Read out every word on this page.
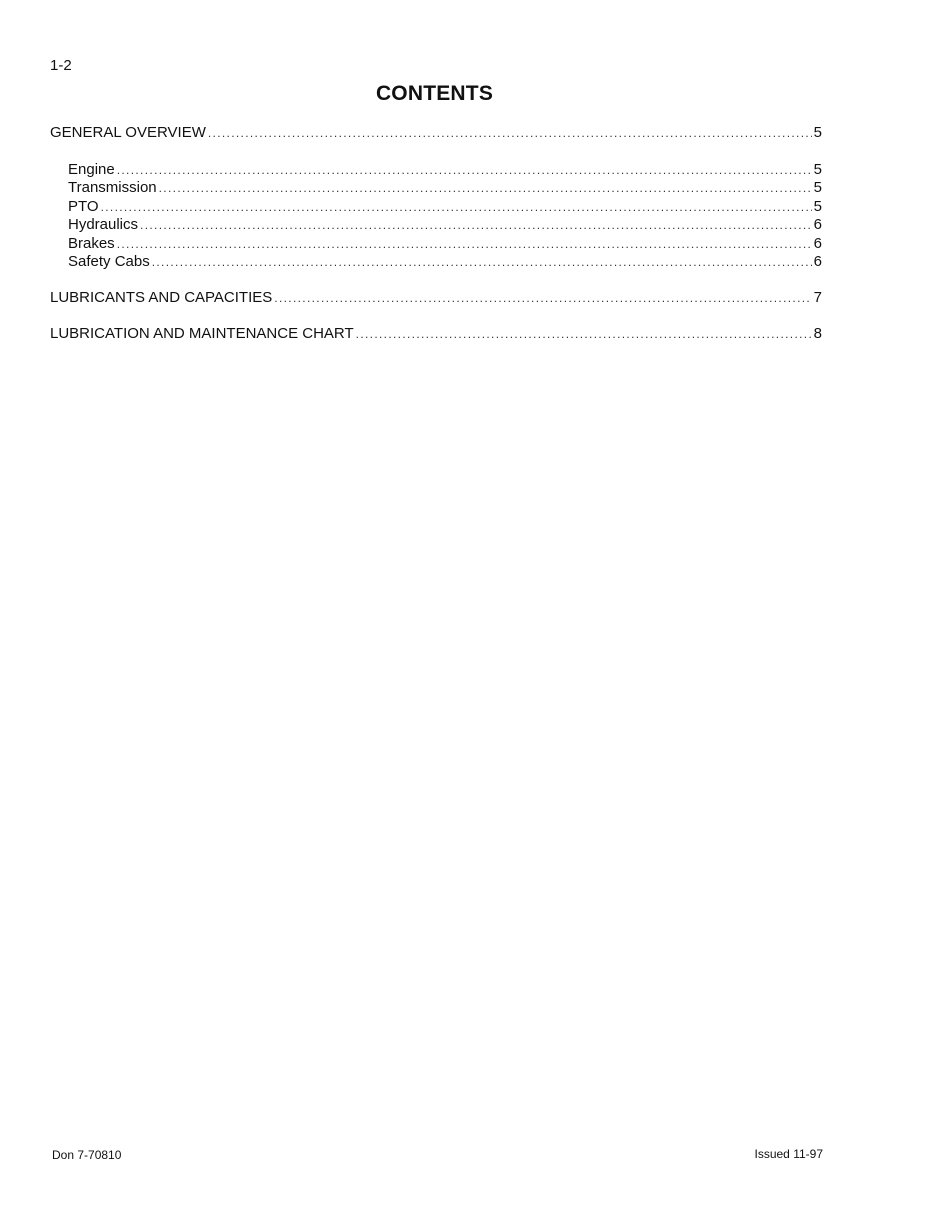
1-2
CONTENTS
GENERAL OVERVIEW . . .	5
Engine . . .	5
Transmission . . .	5
PTO . . .	5
Hydraulics . . .	6
Brakes . . .	6
Safety Cabs . . .	6
LUBRICANTS AND CAPACITIES . . .	7
LUBRICATION AND MAINTENANCE CHART . . .	8
Don 7-70810	Issued 11-97
